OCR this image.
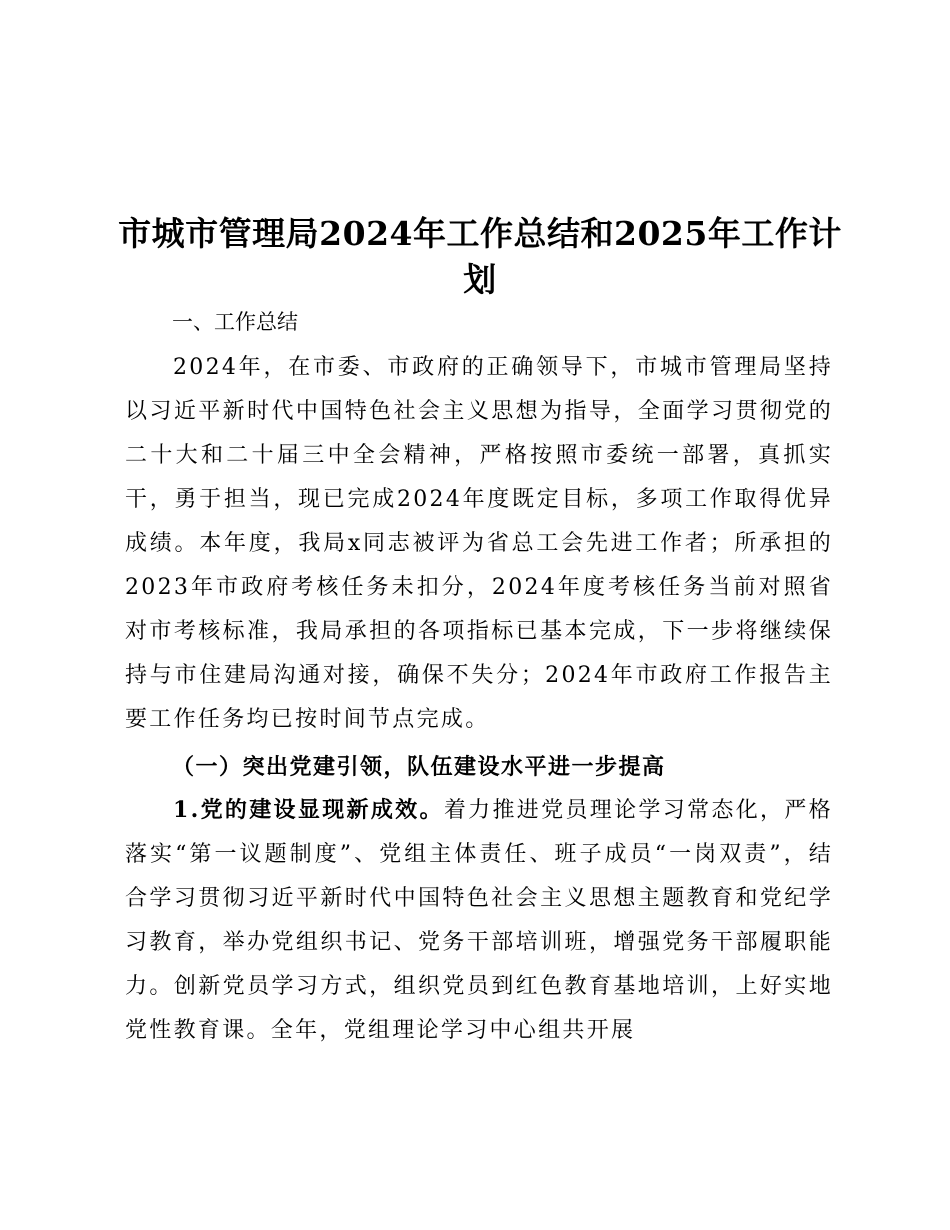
市城市管理局2024年工作总结和2025年工作计划
一、工作总结
2024年，在市委、市政府的正确领导下，市城市管理局坚持以习近平新时代中国特色社会主义思想为指导，全面学习贯彻党的二十大和二十届三中全会精神，严格按照市委统一部署，真抓实干，勇于担当，现已完成2024年度既定目标，多项工作取得优异成绩。本年度，我局x同志被评为省总工会先进工作者；所承担的2023年市政府考核任务未扣分，2024年度考核任务当前对照省对市考核标准，我局承担的各项指标已基本完成，下一步将继续保持与市住建局沟通对接，确保不失分；2024年市政府工作报告主要工作任务均已按时间节点完成。
（一）突出党建引领，队伍建设水平进一步提高
1.党的建设显现新成效。着力推进党员理论学习常态化，严格落实“第一议题制度”、党组主体责任、班子成员“一岗双责”，结合学习贯彻习近平新时代中国特色社会主义思想主题教育和党纪学习教育，举办党组织书记、党务干部培训班，增强党务干部履职能力。创新党员学习方式，组织党员到红色教育基地培训，上好实地党性教育课。全年，党组理论学习中心组共开展
